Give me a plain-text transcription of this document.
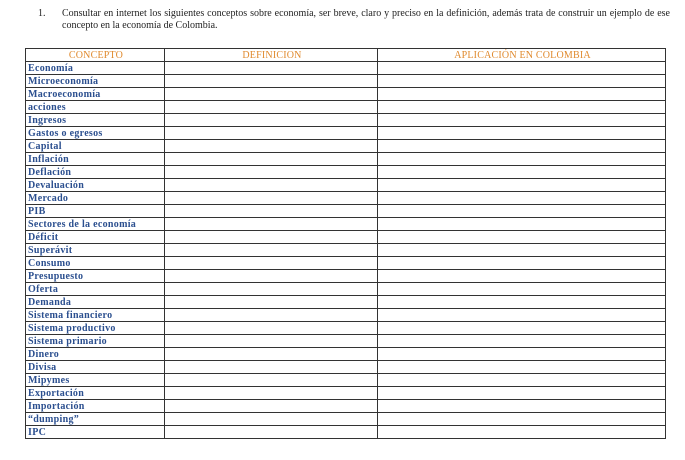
1.	Consultar en internet los siguientes conceptos sobre economía, ser breve, claro y preciso en la definición, además trata de construir un ejemplo de ese concepto en la economía de Colombia.
CONCEPTO	DEFINICION	APLICACIÓN EN COLOMBIA
Economía		
Microeconomía		
Macroeconomía		
acciones		
Ingresos		
Gastos o egresos		
Capital		
Inflación		
Deflación		
Devaluación		
Mercado		
PIB		
Sectores de la economía		
Déficit		
Superávit		
Consumo		
Presupuesto		
Oferta		
Demanda		
Sistema financiero		
Sistema productivo		
Sistema primario		
Dinero		
Divisa		
Mipymes		
Exportación		
Importación		
“dumping”		
IPC		
